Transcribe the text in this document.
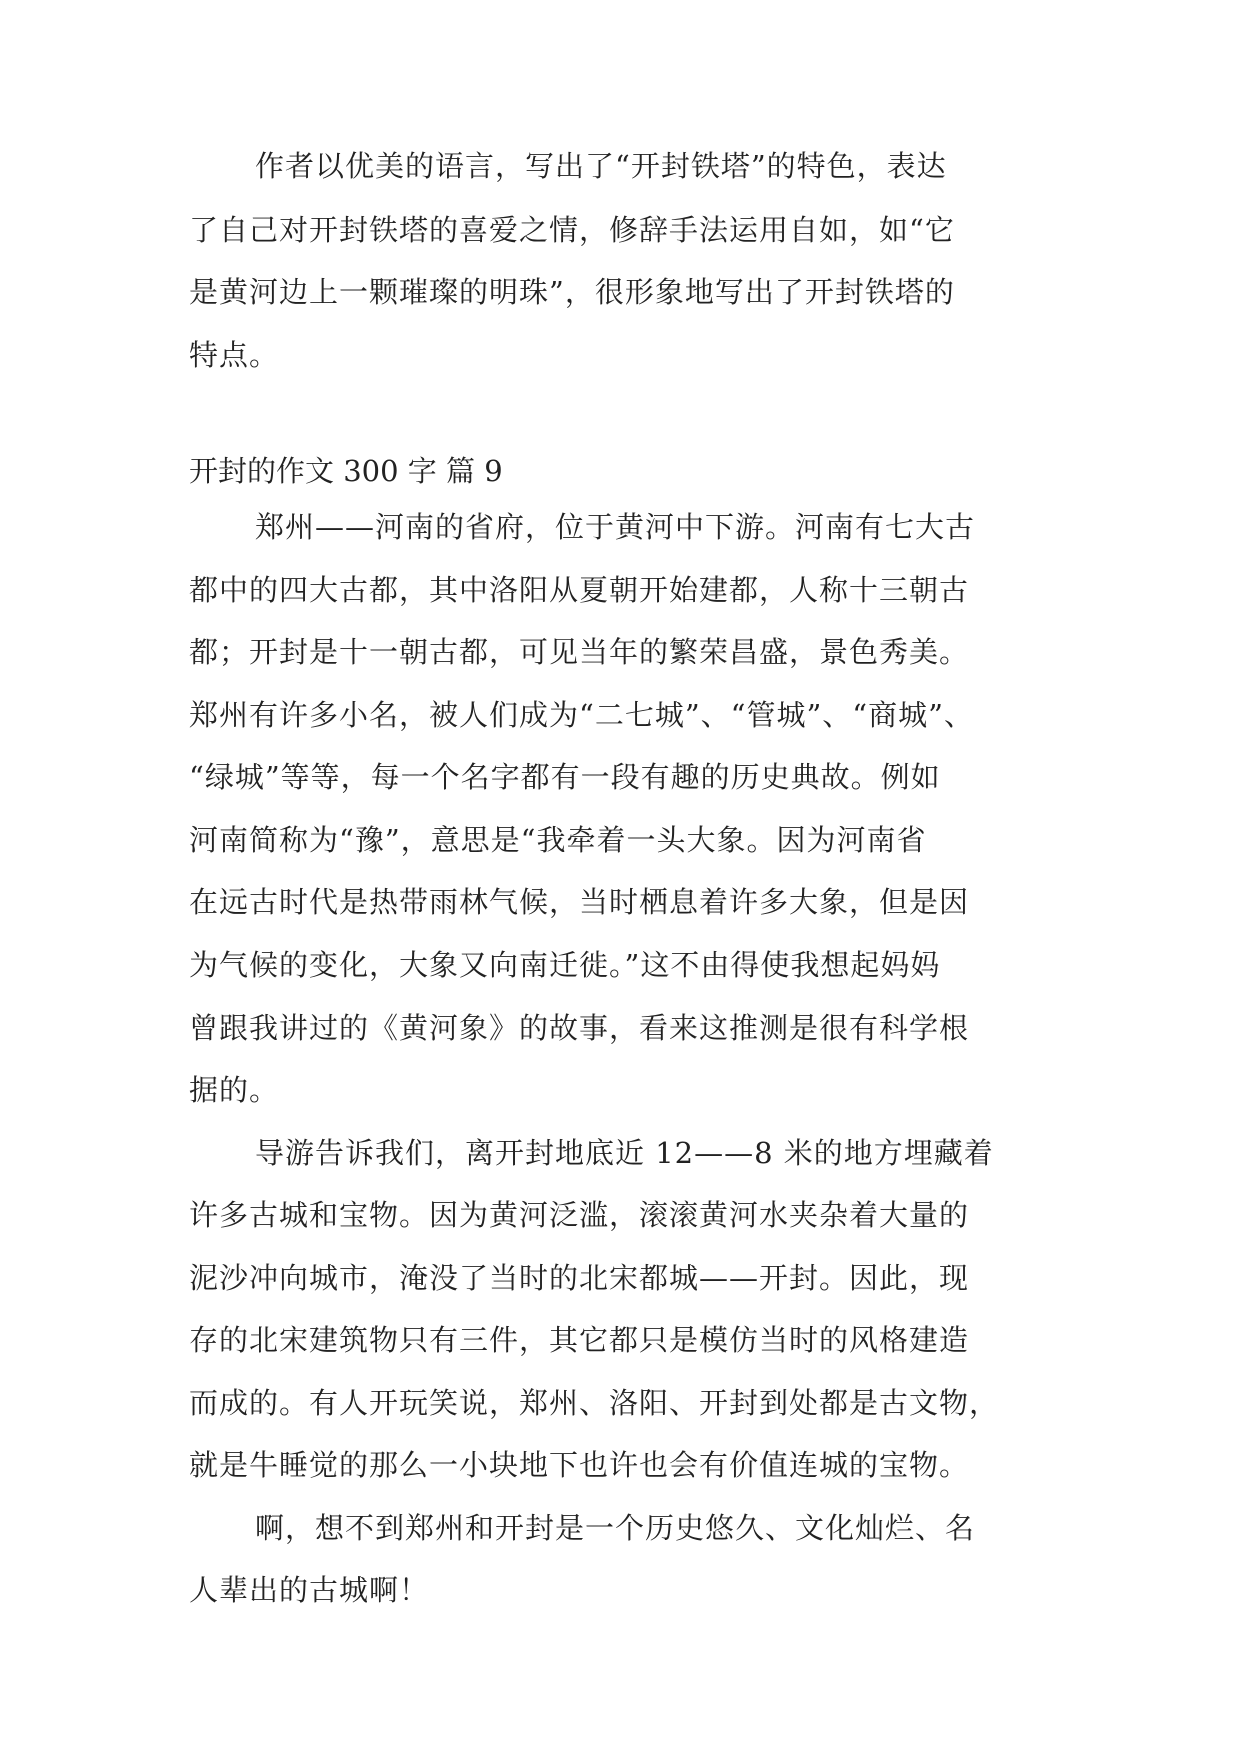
作者以优美的语言，写出了“开封铁塔”的特色，表达
了自己对开封铁塔的喜爱之情，修辞手法运用自如，如“它
是黄河边上一颗璀璨的明珠”，很形象地写出了开封铁塔的
特点。
开封的作文 300 字 篇 9
郑州——河南的省府，位于黄河中下游。河南有七大古
都中的四大古都，其中洛阳从夏朝开始建都，人称十三朝古
都；开封是十一朝古都，可见当年的繁荣昌盛，景色秀美。
郑州有许多小名，被人们成为“二七城”、“管城”、“商城”、
“绿城”等等，每一个名字都有一段有趣的历史典故。例如
河南简称为“豫”，意思是“我牵着一头大象。因为河南省
在远古时代是热带雨林气候，当时栖息着许多大象，但是因
为气候的变化，大象又向南迁徙。”这不由得使我想起妈妈
曾跟我讲过的《黄河象》的故事，看来这推测是很有科学根
据的。
导游告诉我们，离开封地底近 12——8 米的地方埋藏着
许多古城和宝物。因为黄河泛滥，滚滚黄河水夹杂着大量的
泥沙冲向城市，淹没了当时的北宋都城——开封。因此，现
存的北宋建筑物只有三件，其它都只是模仿当时的风格建造
而成的。有人开玩笑说，郑州、洛阳、开封到处都是古文物，
就是牛睡觉的那么一小块地下也许也会有价值连城的宝物。
啊，想不到郑州和开封是一个历史悠久、文化灿烂、名
人辈出的古城啊！
